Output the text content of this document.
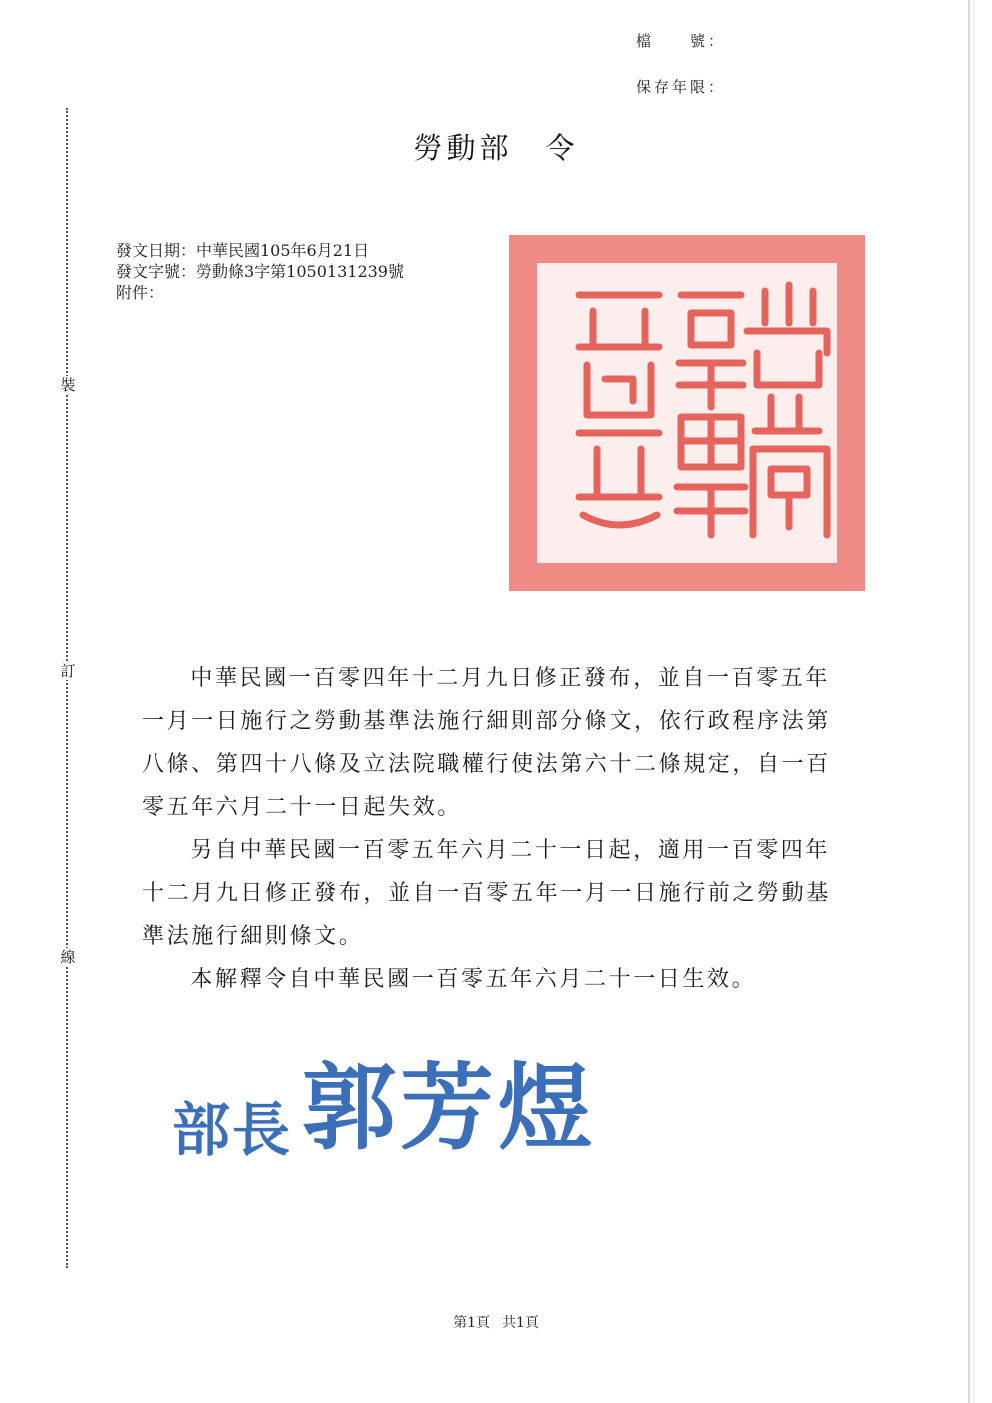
檔　　號：
保存年限：
裝
訂
線
勞動部　令
發文日期：中華民國105年6月21日
發文字號：勞動條3字第1050131239號
附件：

中華民國一百零四年十二月九日修正發布，並自一百零五年一月一日施行之勞動基準法施行細則部分條文，依行政程序法第八條、第四十八條及立法院職權行使法第六十二條規定，自一百零五年六月二十一日起失效。

另自中華民國一百零五年六月二十一日起，適用一百零四年十二月九日修正發布，並自一百零五年一月一日施行前之勞動基準法施行細則條文。

本解釋令自中華民國一百零五年六月二十一日生效。

部長 郭芳煜
第1頁 共1頁
